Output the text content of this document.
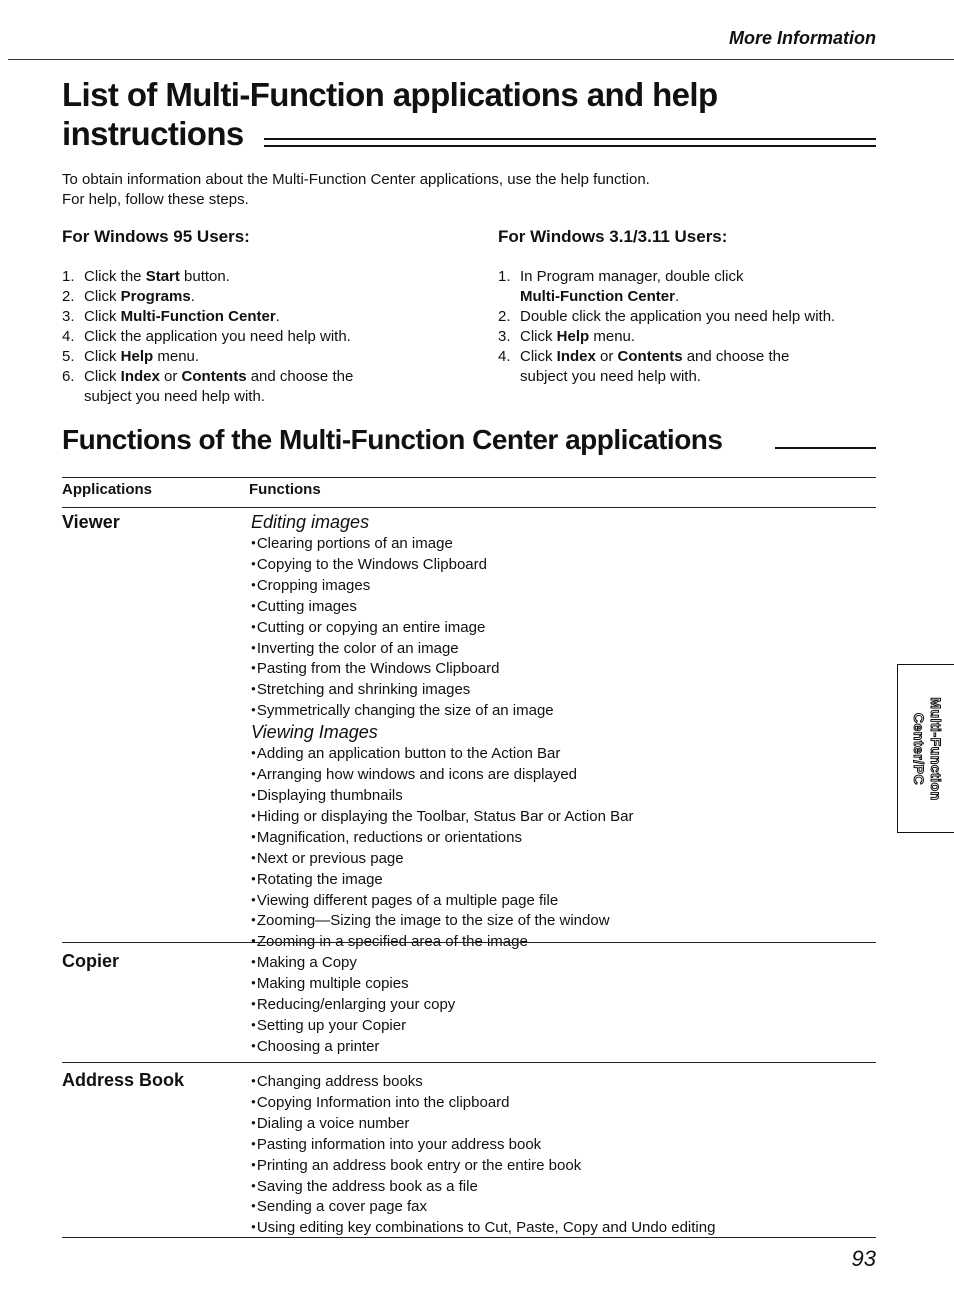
More Information
List of Multi-Function applications and help
instructions
To obtain information about the Multi-Function Center applications, use the help function.
For help, follow these steps.
For Windows 95 Users:	For Windows 3.1/3.11 Users:
1. Click the Start button.
2. Click Programs.
3. Click Multi-Function Center.
4. Click the application you need help with.
5. Click Help menu.
6. Click Index or Contents and choose the
subject you need help with.
1. In Program manager, double click
Multi-Function Center.
2. Double click the application you need help with.
3. Click Help menu.
4. Click Index or Contents and choose the
subject you need help with.
Functions of the Multi-Function Center applications
Applications	Functions
Viewer	Editing images
● Clearing portions of an image
● Copying to the Windows Clipboard
● Cropping images
● Cutting images
● Cutting or copying an entire image
● Inverting the color of an image
● Pasting from the Windows Clipboard
● Stretching and shrinking images
● Symmetrically changing the size of an image
Viewing Images
● Adding an application button to the Action Bar
● Arranging how windows and icons are displayed
● Displaying thumbnails
● Hiding or displaying the Toolbar, Status Bar or Action Bar
● Magnification, reductions or orientations
● Next or previous page
● Rotating the image
● Viewing different pages of a multiple page file
● Zooming—Sizing the image to the size of the window
● Zooming in a specified area of the image
Copier	● Making a Copy
● Making multiple copies
● Reducing/enlarging your copy
● Setting up your Copier
● Choosing a printer
Address Book	● Changing address books
● Copying Information into the clipboard
● Dialing a voice number
● Pasting information into your address book
● Printing an address book entry or the entire book
● Saving the address book as a file
● Sending a cover page fax
● Using editing key combinations to Cut, Paste, Copy and Undo editing
Multi-Function
Center/PC
93
